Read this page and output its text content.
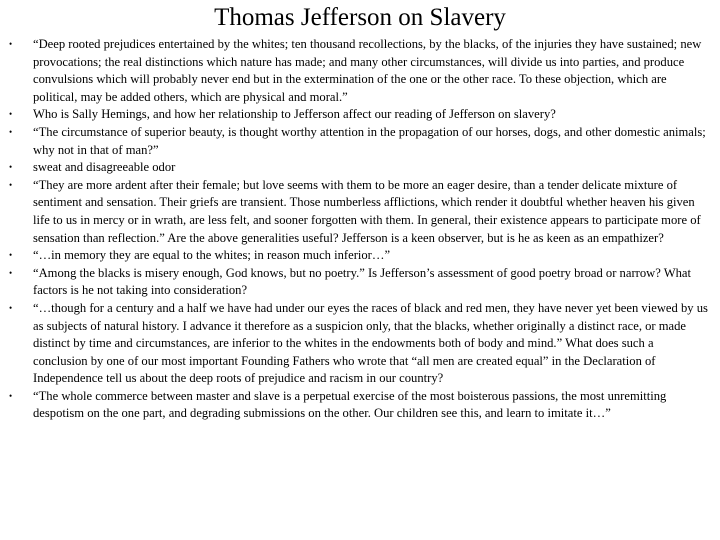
Thomas Jefferson on Slavery
• “Deep rooted prejudices entertained by the whites; ten thousand recollections, by the blacks, of the injuries they have sustained; new provocations; the real distinctions which nature has made; and many other circumstances, will divide us into parties, and produce convulsions which will probably never end but in the extermination of the one or the other race. To these objection, which are political, may be added others, which are physical and moral.”
• Who is Sally Hemings, and how her relationship to Jefferson affect our reading of Jefferson on slavery?
• “The circumstance of superior beauty, is thought worthy attention in the propagation of our horses, dogs, and other domestic animals; why not in that of man?”
• sweat and disagreeable odor
• “They are more ardent after their female; but love seems with them to be more an eager desire, than a tender delicate mixture of sentiment and sensation. Their griefs are transient. Those numberless afflictions, which render it doubtful whether heaven his given life to us in mercy or in wrath, are less felt, and sooner forgotten with them. In general, their existence appears to participate more of sensation than reflection.” Are the above generalities useful? Jefferson is a keen observer, but is he as keen as an empathizer?
• “…in memory they are equal to the whites; in reason much inferior…”
• “Among the blacks is misery enough, God knows, but no poetry.” Is Jefferson’s assessment of good poetry broad or narrow? What factors is he not taking into consideration?
• “…though for a century and a half we have had under our eyes the races of black and red men, they have never yet been viewed by us as subjects of natural history. I advance it therefore as a suspicion only, that the blacks, whether originally a distinct race, or made distinct by time and circumstances, are inferior to the whites in the endowments both of body and mind.” What does such a conclusion by one of our most important Founding Fathers who wrote that “all men are created equal” in the Declaration of Independence tell us about the deep roots of prejudice and racism in our country?
• “The whole commerce between master and slave is a perpetual exercise of the most boisterous passions, the most unremitting despotism on the one part, and degrading submissions on the other. Our children see this, and learn to imitate it…”
